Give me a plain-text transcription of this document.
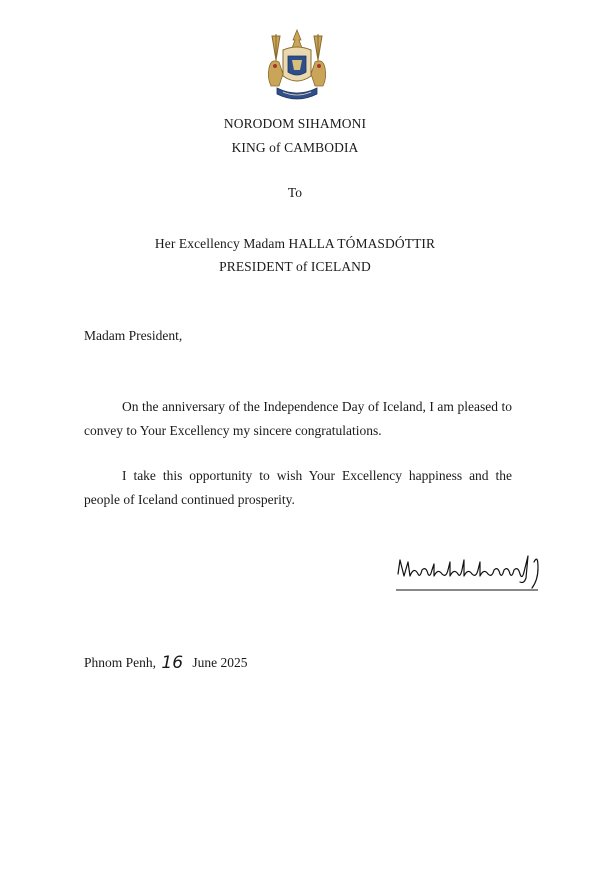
NORODOM SIHAMONI
KING of CAMBODIA
To
Her Excellency Madam HALLA TÓMASDÓTTIR
PRESIDENT of ICELAND
Madam President,
On the anniversary of the Independence Day of Iceland, I am pleased to convey to Your Excellency my sincere congratulations.
I take this opportunity to wish Your Excellency happiness and the people of Iceland continued prosperity.
Phnom Penh, 16 June 2025
